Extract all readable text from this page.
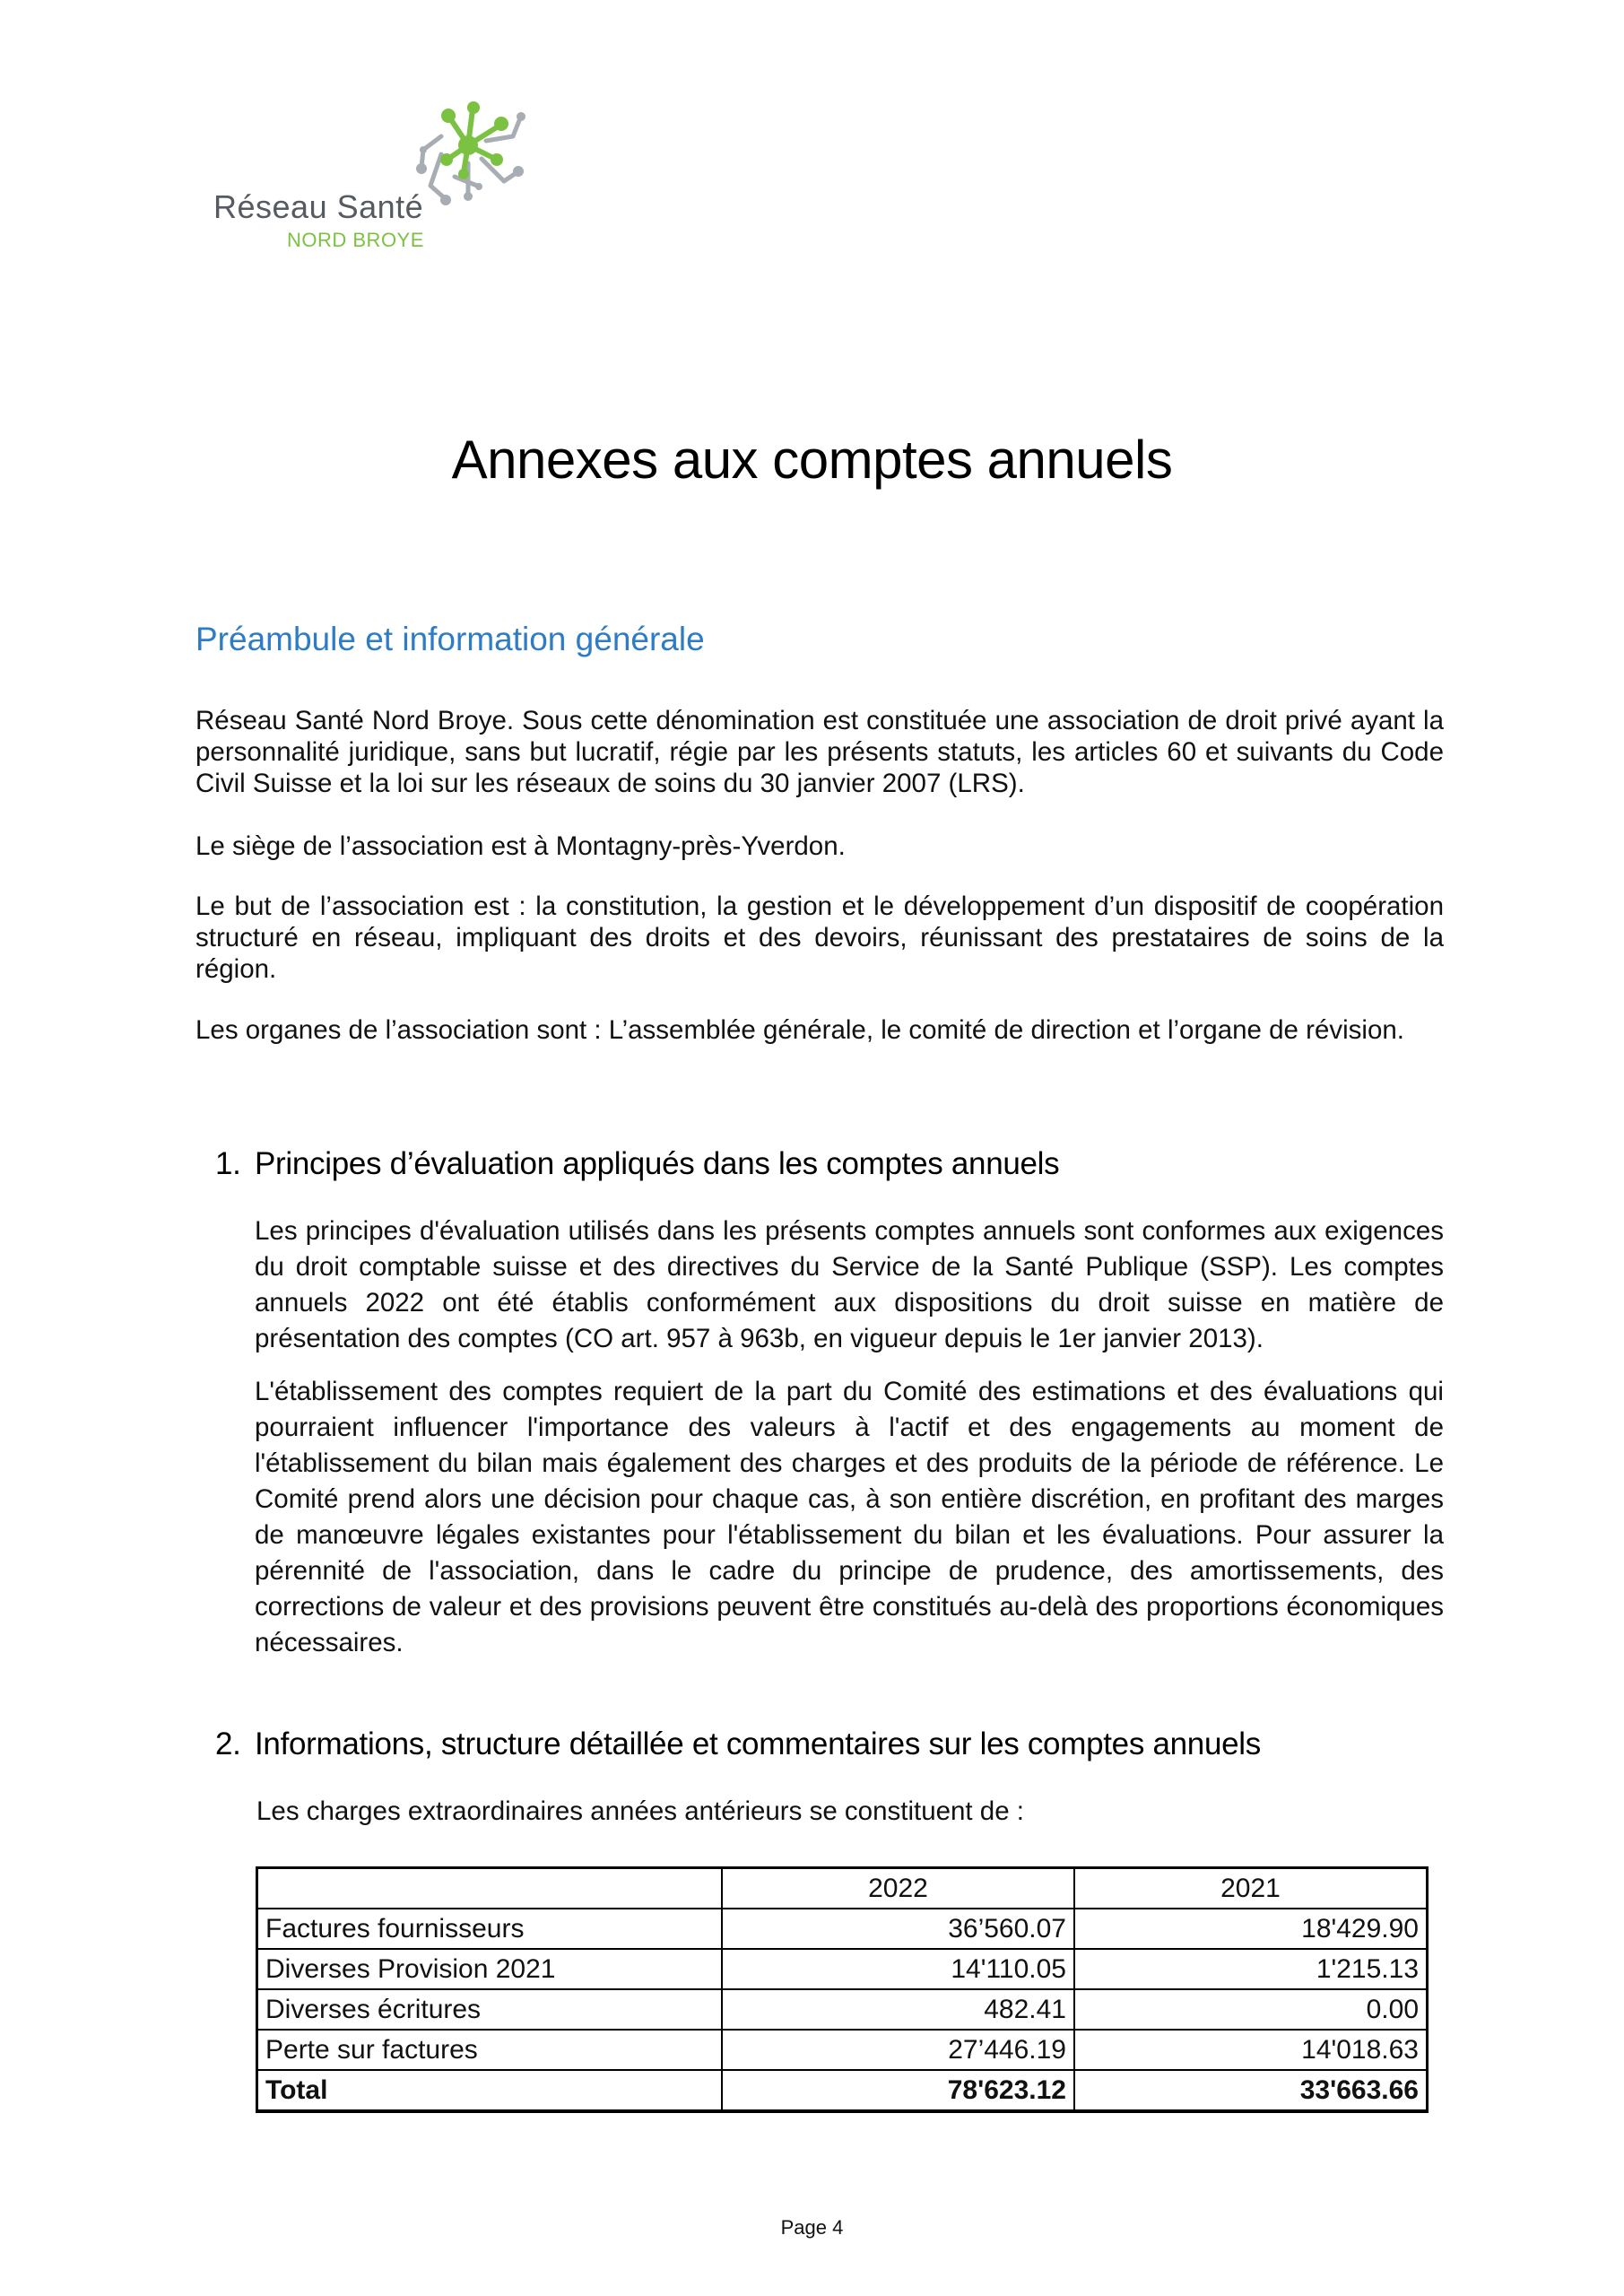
Réseau Santé
NORD BROYE
Annexes aux comptes annuels
Préambule et information générale
Réseau Santé Nord Broye. Sous cette dénomination est constituée une association de droit privé ayant la personnalité juridique, sans but lucratif, régie par les présents statuts, les articles 60 et suivants du Code Civil Suisse et la loi sur les réseaux de soins du 30 janvier 2007 (LRS).
Le siège de l’association est à Montagny-près-Yverdon.
Le but de l’association est : la constitution, la gestion et le développement d’un dispositif de coopération structuré en réseau, impliquant des droits et des devoirs, réunissant des prestataires de soins de la région.
Les organes de l’association sont : L’assemblée générale, le comité de direction et l’organe de révision.
1. Principes d’évaluation appliqués dans les comptes annuels
Les principes d'évaluation utilisés dans les présents comptes annuels sont conformes aux exigences du droit comptable suisse et des directives du Service de la Santé Publique (SSP). Les comptes annuels 2022 ont été établis conformément aux dispositions du droit suisse en matière de présentation des comptes (CO art. 957 à 963b, en vigueur depuis le 1er janvier 2013).
L'établissement des comptes requiert de la part du Comité des estimations et des évaluations qui pourraient influencer l'importance des valeurs à l'actif et des engagements au moment de l'établissement du bilan mais également des charges et des produits de la période de référence. Le Comité prend alors une décision pour chaque cas, à son entière discrétion, en profitant des marges de manœuvre légales existantes pour l'établissement du bilan et les évaluations. Pour assurer la pérennité de l'association, dans le cadre du principe de prudence, des amortissements, des corrections de valeur et des provisions peuvent être constitués au-delà des proportions économiques nécessaires.
2. Informations, structure détaillée et commentaires sur les comptes annuels
Les charges extraordinaires années antérieurs se constituent de :
	2022	2021
Factures fournisseurs	36’560.07	18'429.90
Diverses Provision 2021	14'110.05	1'215.13
Diverses écritures	482.41	0.00
Perte sur factures	27’446.19	14'018.63
Total	78'623.12	33'663.66
Page 4
